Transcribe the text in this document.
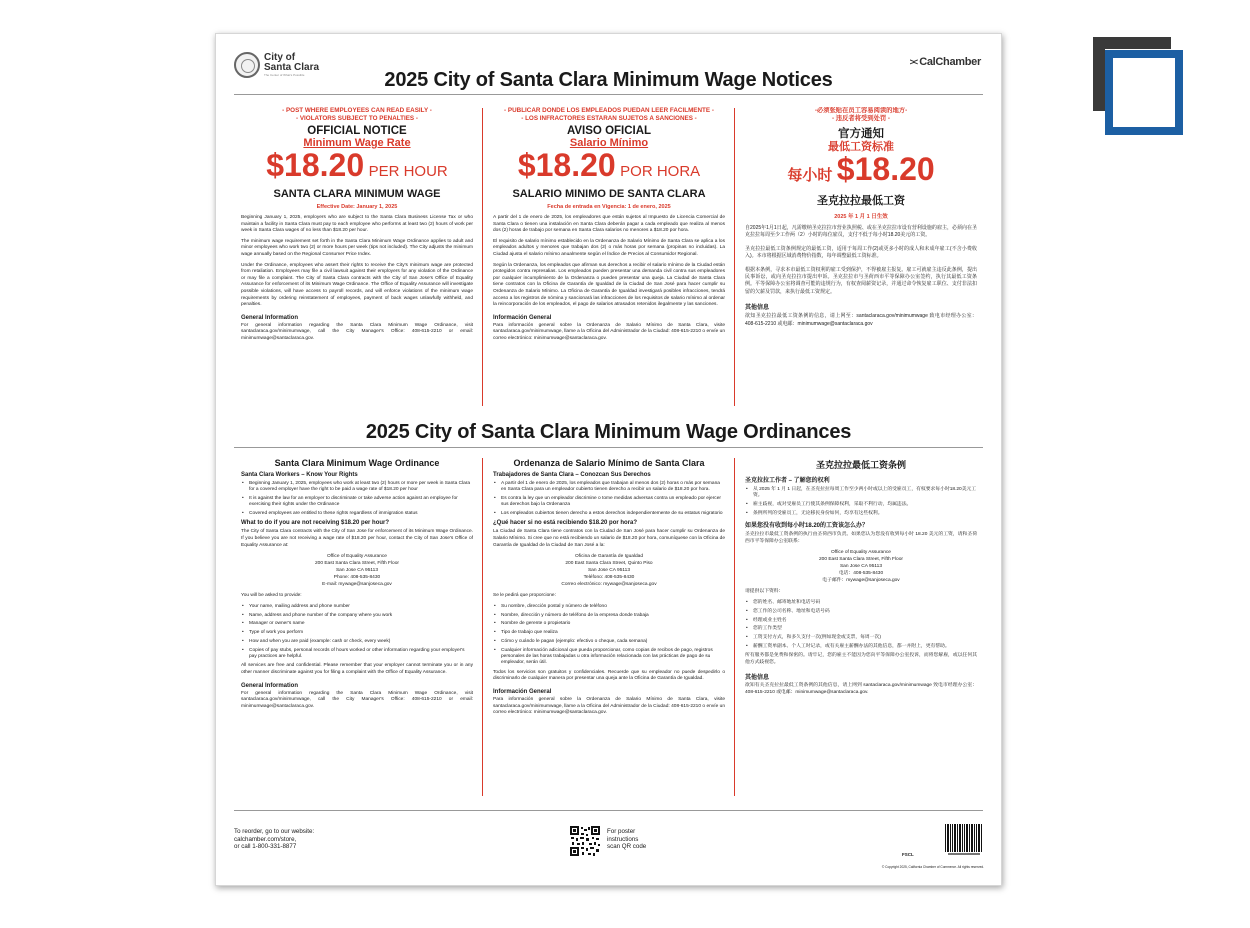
City of
Santa Clara
The Center of What's Possible
>< CalChamber
2025 City of Santa Clara Minimum Wage Notices
- POST WHERE EMPLOYEES CAN READ EASILY -
- VIOLATORS SUBJECT TO PENALTIES -
OFFICIAL NOTICE
Minimum Wage Rate
$18.20 PER HOUR
SANTA CLARA MINIMUM WAGE
Effective Date: January 1, 2025
Beginning January 1, 2025, employers who are subject to the Santa Clara Business License Tax or who maintain a facility in Santa Clara must pay to each employee who performs at least two (2) hours of work per week in Santa Clara wages of no less than $18.20 per hour.
The minimum wage requirement set forth in the Santa Clara Minimum Wage Ordinance applies to adult and minor employees who work two (2) or more hours per week (tips not included). The City adjusts the minimum wage annually based on the Regional Consumer Price Index.
Under the Ordinance, employees who assert their rights to receive the City's minimum wage are protected from retaliation. Employees may file a civil lawsuit against their employers for any violation of the Ordinance or may file a complaint. The City of Santa Clara contracts with the City of San Jose's Office of Equality Assurance for enforcement of its Minimum Wage Ordinance. The Office of Equality Assurance will investigate possible violations, will have access to payroll records, and will enforce violations of the minimum wage requirements by ordering reinstatement of employees, payment of back wages unlawfully withheld, and penalties.
General Information
For general information regarding the Santa Clara Minimum Wage Ordinance, visit santaclaraca.gov/minimumwage, call the City Manager's Office: 408-615-2210 or email: minimumwage@santaclaraca.gov.
- PUBLICAR DONDE LOS EMPLEADOS PUEDAN LEER FACILMENTE -
- LOS INFRACTORES ESTARAN SUJETOS A SANCIONES -
AVISO OFICIAL
Salario Mínimo
$18.20 POR HORA
SALARIO MINIMO DE SANTA CLARA
Fecha de entrada en Vigencia: 1 de enero, 2025
A partir del 1 de enero de 2025, los empleadores que están sujetos al Impuesto de Licencia Comercial de Santa Clara o tienen una instalación en Santa Clara deberán pagar a cada empleado que realiza al menos dos (2) horas de trabajo por semana en Santa Clara salarios no menores a $18.20 por hora.
El requisito de salario mínimo establecido en la Ordenanza de Salario Mínimo de Santa Clara se aplica a los empleados adultos y menores que trabajan dos (2) o más horas por semana (propinas no incluidas). La Ciudad ajusta el salario mínimo anualmente según el Índice de Precios al Consumidor Regional.
Según la Ordenanza, los empleados que afirman sus derechos a recibir el salario mínimo de la Ciudad están protegidos contra represalias. Los empleados pueden presentar una demanda civil contra sus empleadores por cualquier incumplimiento de la Ordenanza o pueden presentar una queja. La Ciudad de Santa Clara tiene contratos con la Oficina de Garantía de Igualdad de la Ciudad de San José para hacer cumplir su Ordenanza de Salario Mínimo. La Oficina de Garantía de Igualdad investigará posibles infracciones, tendrá acceso a los registros de nómina y sancionará las infracciones de los requisitos de salario mínimo al ordenar la reincorporación de los empleados, el pago de salarios atrasados retenidos ilegalmente y las sanciones.
Información General
Para información general sobre la Ordenanza de Salario Mínimo de Santa Clara, visite santaclaraca.gov/minimumwage, llame a la Oficina del Administrador de la Ciudad: 408-615-2210 o envíe un correo electrónico: minimumwage@santaclaraca.gov.
-必须张贴在员工容易阅读的地方-
- 违反者将受到处罚 -
官方通知
最低工资标准
每小时 $18.20
圣克拉拉最低工资
2025 年 1 月 1 日生效
自2025年1月1日起，凡需缴纳圣克拉拉市营业执照税、或在圣克拉拉市设有营利设施的雇主，必须向在圣克拉拉每周至少工作两（2）小时的每位雇员，支付不低于每小时18.20美元的工资。
圣克拉拉最低工资条例规定的最低工资，适用于每周工作(2)或更多小时的成人和未成年雇工(不含小费收入)。本市将根据区域消费物价指数，每年调整最低工资标准。
根据本条例，寻求本市最低工资权利的雇工受到保护，不得被雇主报复。雇工可就雇主违反此条例，提出民事诉讼，或向圣克拉拉市提出申诉。圣克拉拉市与圣荷西市平等保障办公室签约，执行其最低工资条例。平等保障办公室将调查可能的违规行为，有权查阅薪资记录，并通过命令恢复雇工职位、支付非法扣留的欠薪及罚款，来执行最低工资规定。
其他信息
欲知圣克拉拉最低工资条例的信息，请上网至：santaclaraca.gov/minimumwage 致电市经理办公室：408-615-2210 或电邮：minimumwage@santaclaraca.gov
2025 City of Santa Clara Minimum Wage Ordinances
Santa Clara Minimum Wage Ordinance
Santa Clara Workers – Know Your Rights
• Beginning January 1, 2025, employees who work at least two (2) hours or more per week in Santa Clara for a covered employer have the right to be paid a wage rate of $18.20 per hour
• It is against the law for an employer to discriminate or take adverse action against an employee for exercising their rights under the Ordinance
• Covered employees are entitled to these rights regardless of immigration status
What to do if you are not receiving $18.20 per hour?
The City of Santa Clara contracts with the City of San Jose for enforcement of its Minimum Wage Ordinance. If you believe you are not receiving a wage rate of $18.20 per hour, contact the City of San Jose's Office of Equality Assurance at:
Office of Equality Assurance
200 East Santa Clara Street, Fifth Floor
San Jose CA 95113
Phone: 408-535-8430
E-mail: mywage@sanjoseca.gov
You will be asked to provide:
• Your name, mailing address and phone number
• Name, address and phone number of the company where you work
• Manager or owner's name
• Type of work you perform
• How and when you are paid (example: cash or check, every week)
• Copies of pay stubs, personal records of hours worked or other information regarding your employer's pay practices are helpful.
All services are free and confidential. Please remember that your employer cannot terminate you or in any other manner discriminate against you for filing a complaint with the Office of Equality Assurance.
General Information
For general information regarding the Santa Clara Minimum Wage Ordinance, visit santaclaraca.gov/minimumwage, call the City Manager's Office: 408-615-2210 or email: minimumwage@santaclaraca.gov.
Ordenanza de Salario Mínimo de Santa Clara
Trabajadores de Santa Clara – Conozcan Sus Derechos
• A partir del 1 de enero de 2025, los empleados que trabajan al menos dos (2) horas o más por semana en Santa Clara para un empleador cubierto tienen derecho a recibir un salario de $18.20 por hora.
• Es contra la ley que un empleador discrimine o tome medidas adversas contra un empleado por ejercer sus derechos bajo la Ordenanza
• Los empleados cubiertos tienen derecho a estos derechos independientemente de su estatus migratorio
¿Qué hacer si no está recibiendo $18.20 por hora?
La Ciudad de Santa Clara tiene contratos con la Ciudad de San José para hacer cumplir su Ordenanza de Salario Mínimo. Si cree que no está recibiendo un salario de $18.20 por hora, comuníquese con la Oficina de Garantía de Igualdad de la Ciudad de San José a la:
Oficina de Garantía de Igualdad
200 East Santa Clara Street, Quinto Piso
San Jose CA 95113
Teléfono: 408-535-8430
Correo electrónico: mywage@sanjoseca.gov
Se le pedirá que proporcione:
• Su nombre, dirección postal y número de teléfono
• Nombre, dirección y número de teléfono de la empresa donde trabaja
• Nombre de gerente o propietario
• Tipo de trabajo que realiza
• Cómo y cuándo le pagan (ejemplo: efectivo o cheque, cada semana)
• Cualquier información adicional que pueda proporcionar, como copias de recibos de pago, registros personales de las horas trabajadas u otra información relacionada con las prácticas de pago de su empleador, serán útil.
Todos los servicios son gratuitos y confidenciales. Recuerde que su empleador no puede despedirlo o discriminarlo de cualquier manera por presentar una queja ante la Oficina de Garantía de Igualdad.
Información General
Para información general sobre la Ordenanza de Salario Mínimo de Santa Clara, visite santaclaraca.gov/minimumwage, llame a la Oficina del Administrador de la Ciudad: 408-615-2210 o envíe un correo electrónico: minimumwage@santaclaraca.gov.
圣克拉拉最低工资条例
圣克拉拉工作者 – 了解您的权利
• 从 2025 年 1 月 1 日起，在圣克拉拉每周工作至少两小时或以上的受雇员工，有权要求每小时18.20美元工资。
• 雇主歧视，或对受雇员工行使其条例保障权利，采取不利行动，均属违法。
• 条例所列的受雇员工，无论移民身份如何，均享有这些权利。
如果您没有收到每小时18.20的工资该怎么办？
圣克拉拉市最低工资条例的执行由圣荷西市负责。如果您认为您没有收到每小时 18.20 美元的工资，请和圣荷西市平等保障办公室联系：
Office of Equality Assurance
200 East Santa Clara Street, Fifth Floor
San Jose CA 95113
电话：408-535-8430
电子邮件：mywage@sanjoseca.gov
请提供以下资料：
• 您的姓名、邮寄地址和电话号码
• 您工作的公司名称、地址和电话号码
• 经理或业主姓名
• 您的工作类型
• 工资支付方式，和多久支付一次(例如现金或支票，每周一次)
• 薪酬工资单副本、个人工时记录，或有关雇主薪酬办法的其他信息，都一并附上，更有帮助。
所有服务都是免费和保密的。请牢记，您的雇主不能因为您向平等保障办公室投诉，而将您解雇，或以任何其他方式歧视您。
其他信息
欲知有关圣克拉拉最低工资条例的其他信息，请上网到 santaclaraca.gov/minimumwage 致电市经理办公室：408-615-2210 或电邮：minimumwage@santaclaraca.gov.
To reorder, go to our website:
calchamber.com/store,
or call 1-800-331-8877
For poster
instructions
scan QR code
FSCL
© Copyright 2025, California Chamber of Commerce. All rights reserved.
